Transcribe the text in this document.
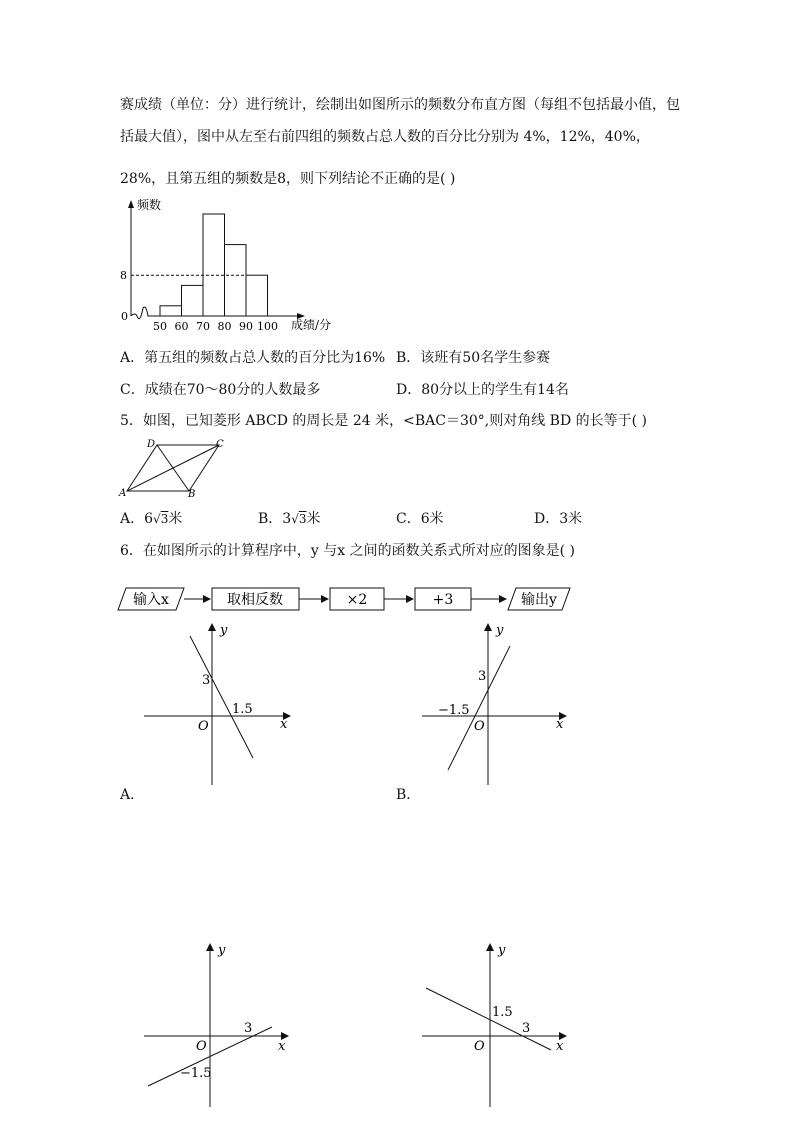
赛成绩（单位：分）进行统计，绘制出如图所示的频数分布直方图（每组不包括最小值，包
括最大值），图中从左至右前四组的频数占总人数的百分比分别为 4%，12%，40%，
28%，且第五组的频数是8，则下列结论不正确的是( )
0
8
50 60 70 80 90 100
频数
成绩/分
A．第五组的频数占总人数的百分比为16% B．该班有50名学生参赛
C．成绩在70～80分的人数最多	D．80分以上的学生有14名
5．如图，已知菱形 ABCD 的周长是 24 米，<BAC＝30°,则对角线 BD 的长等于( )
A	B
C
D
A．6√3米	B．3√3米	C．6米	D．3米
6．在如图所示的计算程序中，y 与x 之间的函数关系式所对应的图象是( )
输入x	取相反数	×2	+3	输出y
y
x
O
3
1.5
A．
y
x
O
3
−1.5
B．
y
x
O
−1.5
3
y
x
O
1.5
3
